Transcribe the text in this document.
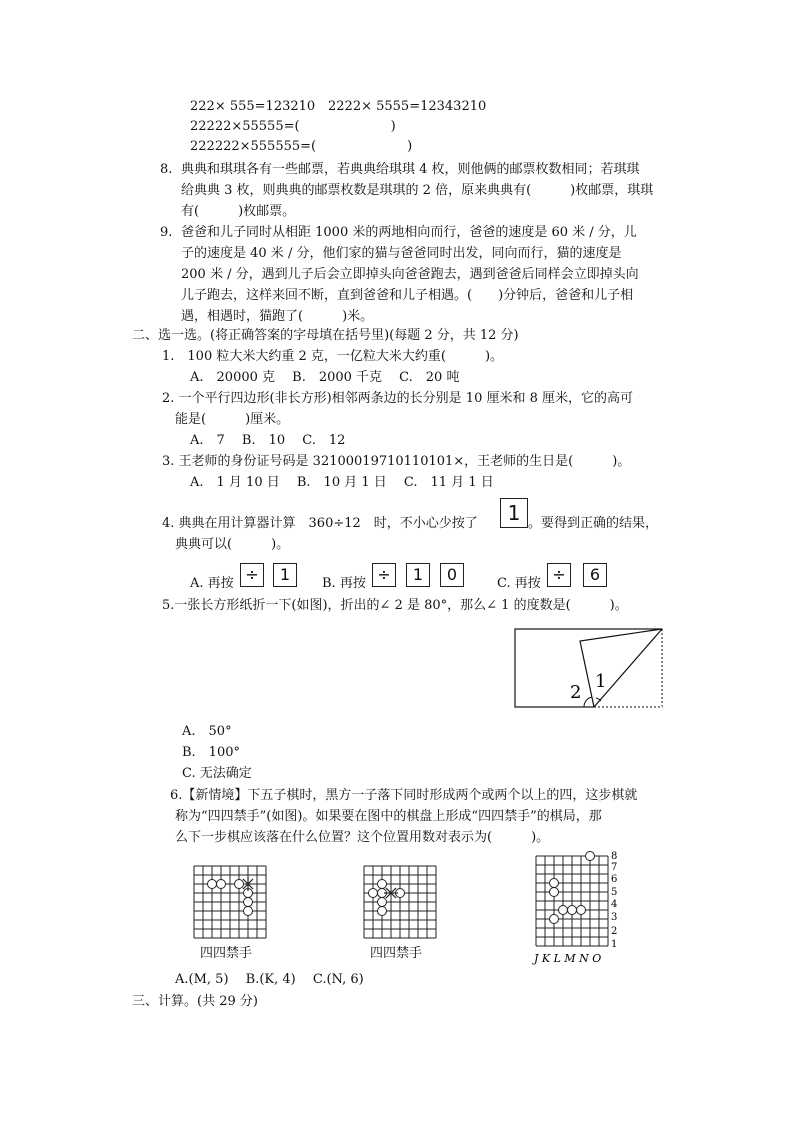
222× 555=123210 2222× 5555=12343210
22222×55555=(　　　　　　　)
222222×555555=(　　　　　　　)
8. 典典和琪琪各有一些邮票，若典典给琪琪 4 枚，则他俩的邮票枚数相同；若琪琪
给典典 3 枚，则典典的邮票枚数是琪琪的 2 倍，原来典典有(　　　)枚邮票，琪琪
有(　　　)枚邮票。
9. 爸爸和儿子同时从相距 1000 米的两地相向而行，爸爸的速度是 60 米 / 分，儿
子的速度是 40 米 / 分，他们家的猫与爸爸同时出发，同向而行，猫的速度是
200 米 / 分，遇到儿子后会立即掉头向爸爸跑去，遇到爸爸后同样会立即掉头向
儿子跑去，这样来回不断，直到爸爸和儿子相遇。(　　)分钟后，爸爸和儿子相
遇，相遇时，猫跑了(　　　)米。
二、选一选。(将正确答案的字母填在括号里)(每题 2 分，共 12 分)
1.　100 粒大米大约重 2 克，一亿粒大米大约重(　　　)。
A.　20000 克　 B.　2000 千克　 C.　20 吨
2. 一个平行四边形(非长方形)相邻两条边的长分别是 10 厘米和 8 厘米，它的高可
能是(　　　)厘米。
A.　7　 B.　10　 C.　12
3. 王老师的身份证号码是 321000197101101​01×，王老师的生日是(　　　)。
A.　1 月 10 日　 B.　10 月 1 日　 C.　11 月 1 日
4. 典典在用计算器计算　360÷12　时，不小心少按了	1 。要得到正确的结果，
典典可以(　　　)。
A. 再按 ÷	1	B. 再按 ÷	1	0	C. 再按 ÷	6
5.一张长方形纸折一下(如图)，折出的∠ 2 是 80°，那么∠ 1 的度数是(　　　)。
2
1
A.　50°
B.　100°
C. 无法确定
6.【新情境】下五子棋时，黑方一子落下同时形成两个或两个以上的四，这步棋就
称为“四四禁手”(如图)。如果要在图中的棋盘上形成“四四禁手”的棋局，那
么下一步棋应该落在什么位置？这个位置用数对表示为(　　　)。
四四禁手	四四禁手
8
7
6
5
4
3
2
1
J K L M N O
A.(M, 5)　 B.(K, 4)　 C.(N, 6)
三、计算。(共 29 分)
